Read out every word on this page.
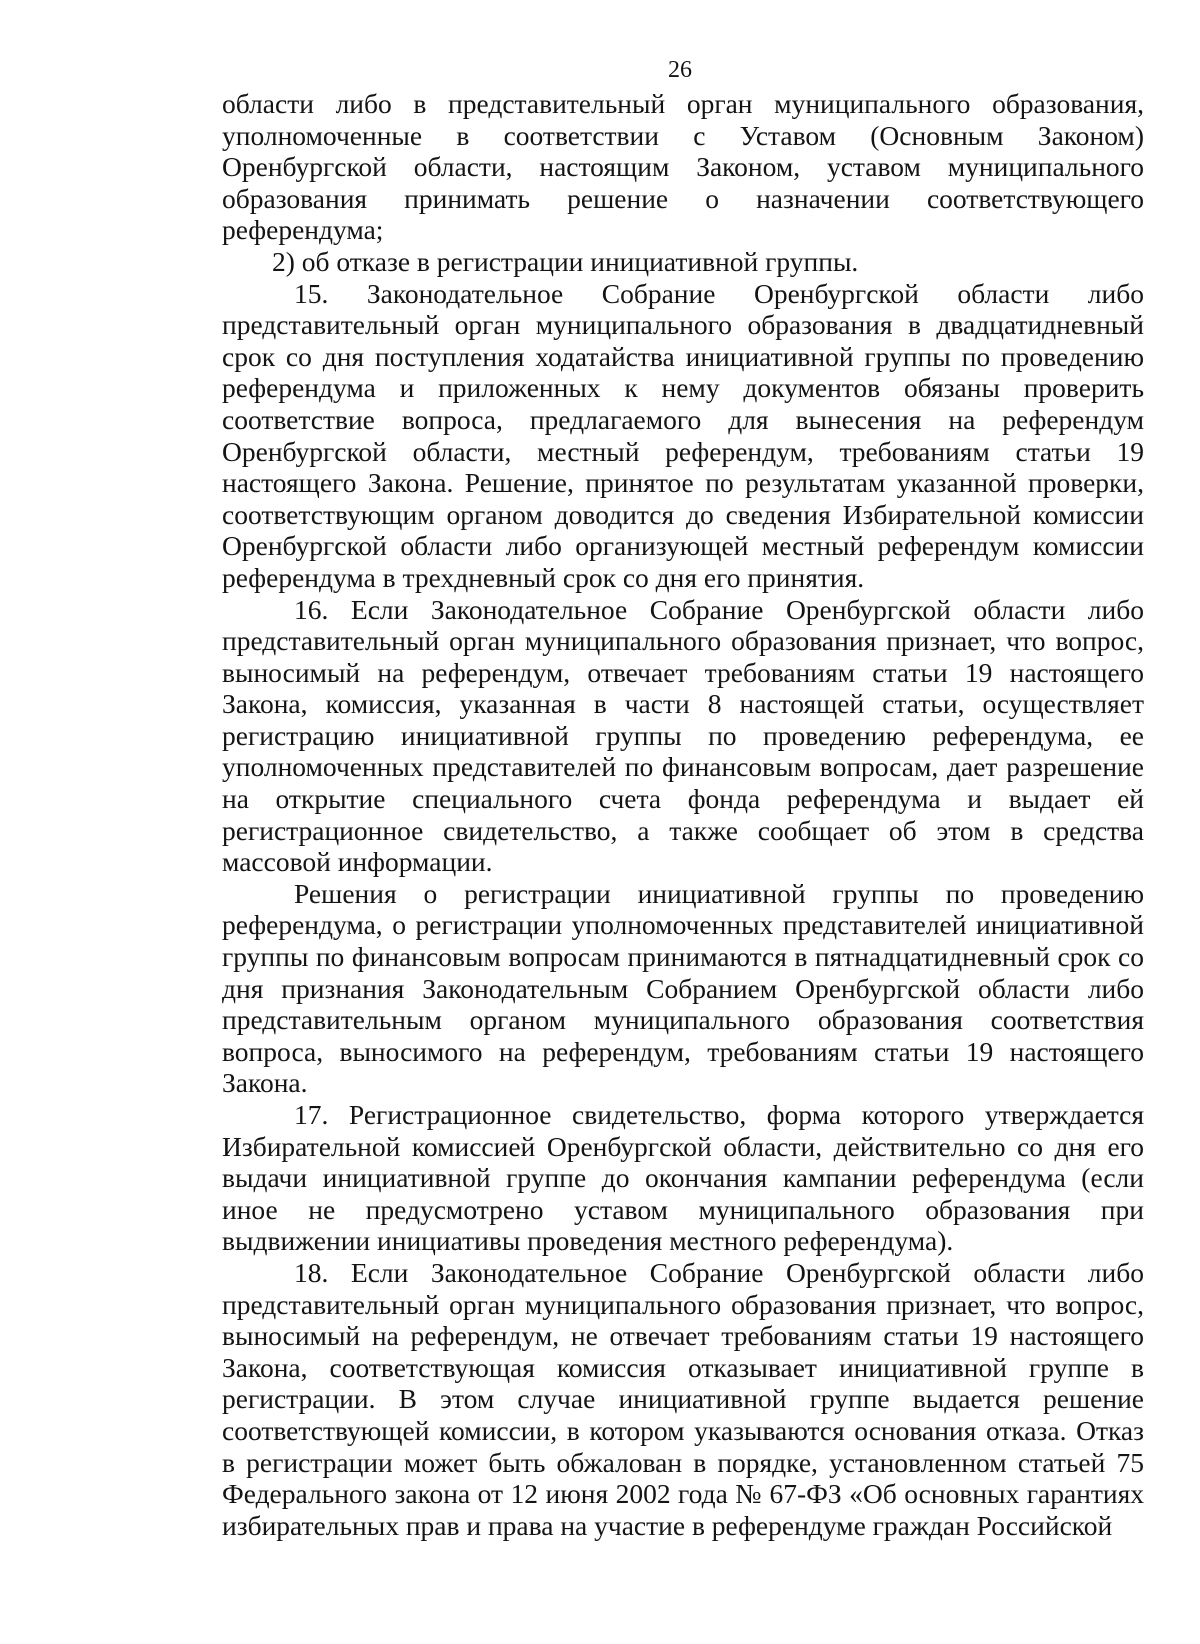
26

области либо в представительный орган муниципального образования, уполномоченные в соответствии с Уставом (Основным Законом) Оренбургской области, настоящим Законом, уставом муниципального образования принимать решение о назначении соответствующего референдума;

2) об отказе в регистрации инициативной группы.

15. Законодательное Собрание Оренбургской области либо представительный орган муниципального образования в двадцатидневный срок со дня поступления ходатайства инициативной группы по проведению референдума и приложенных к нему документов обязаны проверить соответствие вопроса, предлагаемого для вынесения на референдум Оренбургской области, местный референдум, требованиям статьи 19 настоящего Закона. Решение, принятое по результатам указанной проверки, соответствующим органом доводится до сведения Избирательной комиссии Оренбургской области либо организующей местный референдум комиссии референдума в трехдневный срок со дня его принятия.

16. Если Законодательное Собрание Оренбургской области либо представительный орган муниципального образования признает, что вопрос, выносимый на референдум, отвечает требованиям статьи 19 настоящего Закона, комиссия, указанная в части 8 настоящей статьи, осуществляет регистрацию инициативной группы по проведению референдума, ее уполномоченных представителей по финансовым вопросам, дает разрешение на открытие специального счета фонда референдума и выдает ей регистрационное свидетельство, а также сообщает об этом в средства массовой информации.

Решения о регистрации инициативной группы по проведению референдума, о регистрации уполномоченных представителей инициативной группы по финансовым вопросам принимаются в пятнадцатидневный срок со дня признания Законодательным Собранием Оренбургской области либо представительным органом муниципального образования соответствия вопроса, выносимого на референдум, требованиям статьи 19 настоящего Закона.

17. Регистрационное свидетельство, форма которого утверждается Избирательной комиссией Оренбургской области, действительно со дня его выдачи инициативной группе до окончания кампании референдума (если иное не предусмотрено уставом муниципального образования при выдвижении инициативы проведения местного референдума).

18. Если Законодательное Собрание Оренбургской области либо представительный орган муниципального образования признает, что вопрос, выносимый на референдум, не отвечает требованиям статьи 19 настоящего Закона, соответствующая комиссия отказывает инициативной группе в регистрации. В этом случае инициативной группе выдается решение соответствующей комиссии, в котором указываются основания отказа. Отказ в регистрации может быть обжалован в порядке, установленном статьей 75 Федерального закона от 12 июня 2002 года № 67-ФЗ «Об основных гарантиях избирательных прав и права на участие в референдуме граждан Российской
